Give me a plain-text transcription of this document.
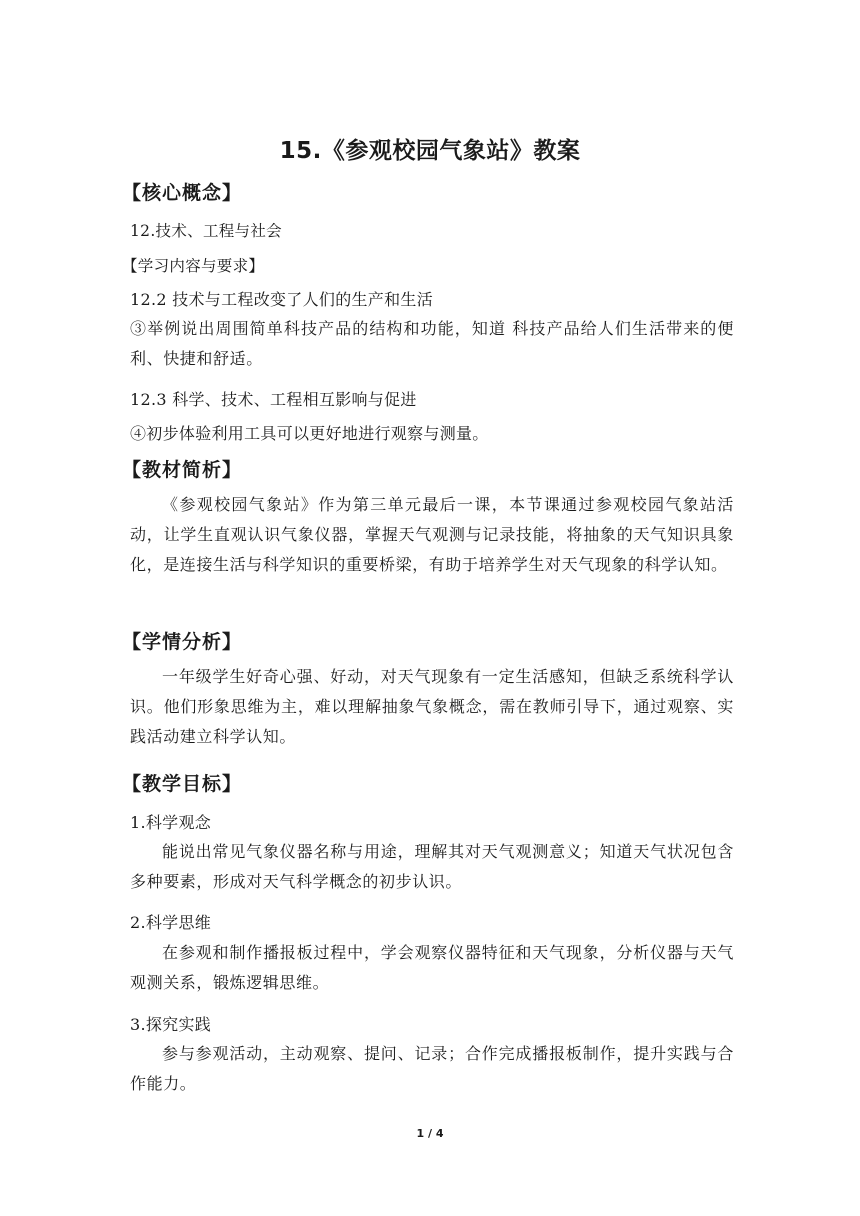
15.《参观校园气象站》教案
【核心概念】
12.技术、工程与社会
【学习内容与要求】
12.2 技术与工程改变了人们的生产和生活

③举例说出周围简单科技产品的结构和功能，知道 科技产品给人们生活带来的便利、快捷和舒适。

12.3 科学、技术、工程相互影响与促进
④初步体验利用工具可以更好地进行观察与测量。
【教材简析】

《参观校园气象站》作为第三单元最后一课，本节课通过参观校园气象站活动，让学生直观认识气象仪器，掌握天气观测与记录技能，将抽象的天气知识具象化，是连接生活与科学知识的重要桥梁，有助于培养学生对天气现象的科学认知。

【学情分析】

一年级学生好奇心强、好动，对天气现象有一定生活感知，但缺乏系统科学认识。他们形象思维为主，难以理解抽象气象概念，需在教师引导下，通过观察、实践活动建立科学认知。

【教学目标】
1.科学观念

能说出常见气象仪器名称与用途，理解其对天气观测意义；知道天气状况包含多种要素，形成对天气科学概念的初步认识。

2.科学思维

在参观和制作播报板过程中，学会观察仪器特征和天气现象，分析仪器与天气观测关系，锻炼逻辑思维。

3.探究实践

参与参观活动，主动观察、提问、记录；合作完成播报板制作，提升实践与合作能力。

1 / 4
